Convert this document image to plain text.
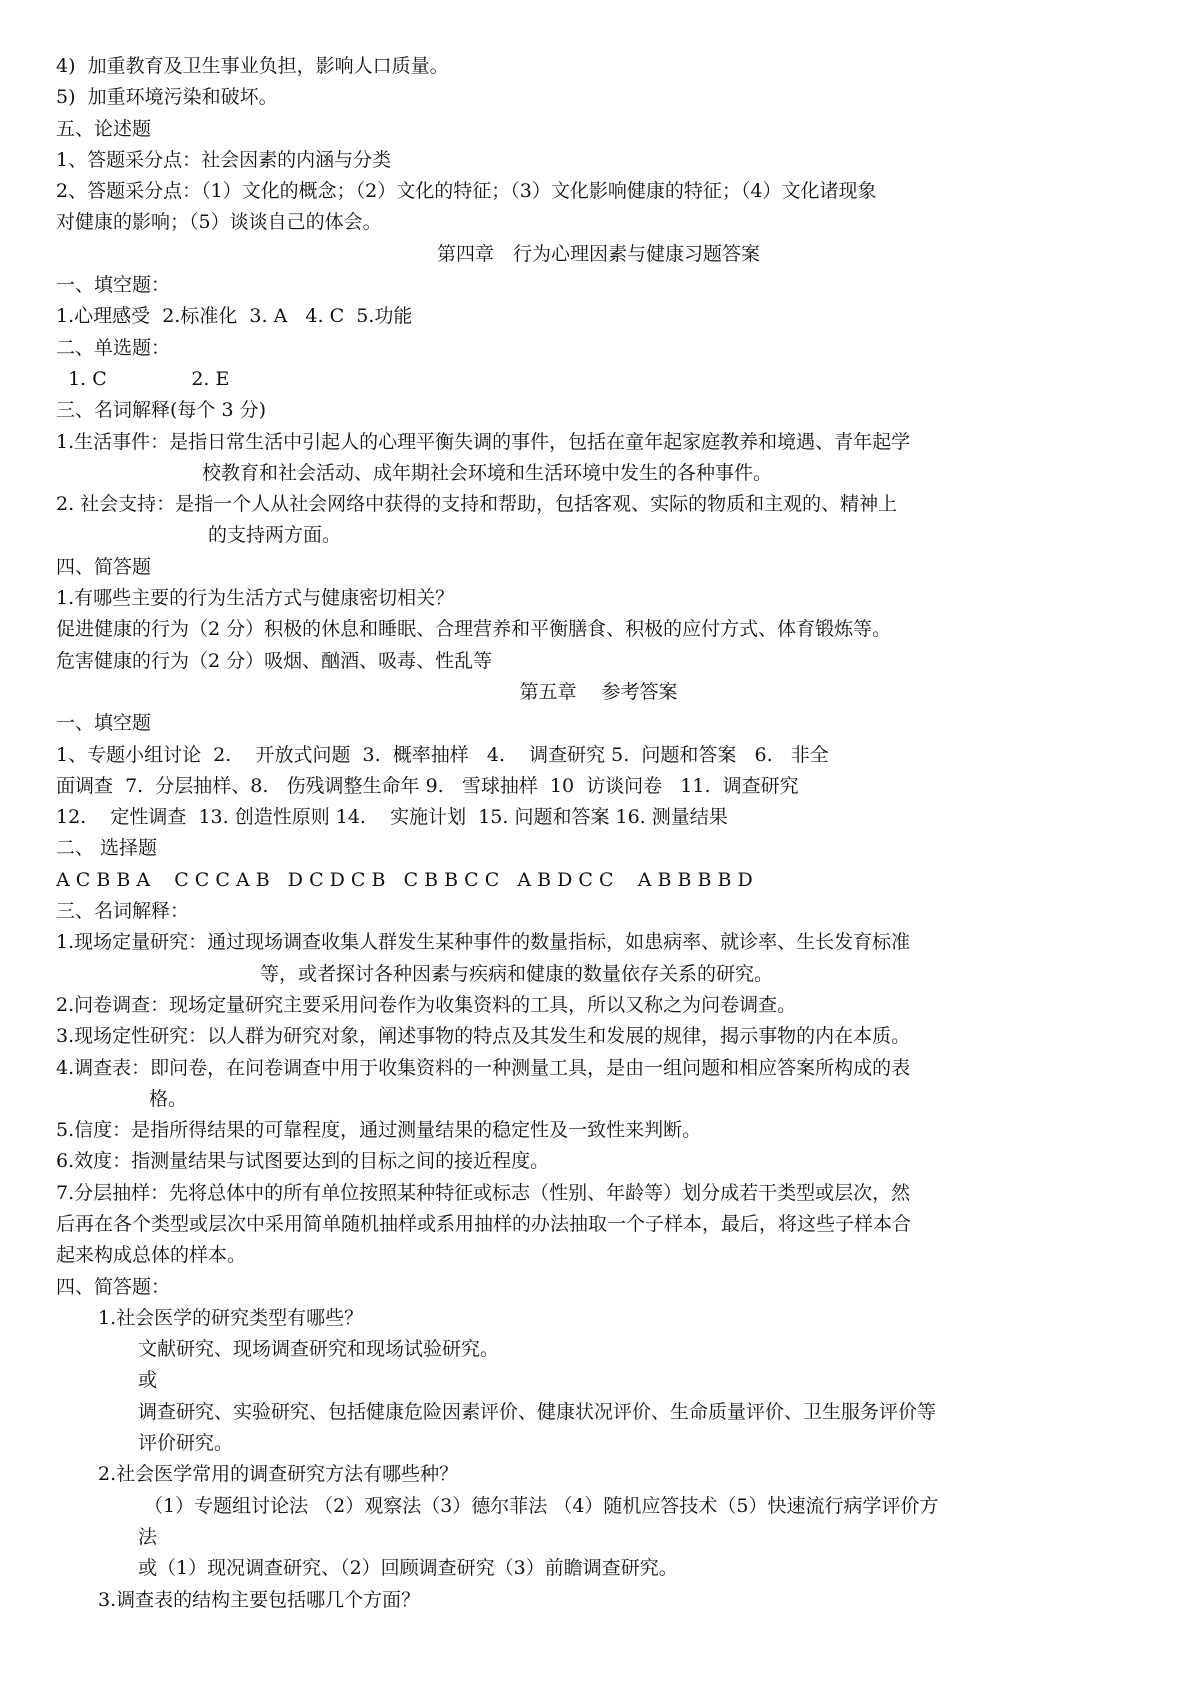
4)  加重教育及卫生事业负担，影响人口质量。
5)  加重环境污染和破坏。
五、论述题
1、答题采分点：社会因素的内涵与分类
2、答题采分点：（1）文化的概念；（2）文化的特征；（3）文化影响健康的特征；（4）文化诸现象
对健康的影响；（5）谈谈自己的体会。
第四章　行为心理因素与健康习题答案
一、填空题：
1.心理感受  2.标准化  3. A   4. C  5.功能
二、单选题：
1. C              2. E
三、名词解释(每个 3 分)
1.生活事件：是指日常生活中引起人的心理平衡失调的事件，包括在童年起家庭教养和境遇、青年起学
校教育和社会活动、成年期社会环境和生活环境中发生的各种事件。
2. 社会支持：是指一个人从社会网络中获得的支持和帮助，包括客观、实际的物质和主观的、精神上
的支持两方面。
四、简答题
1.有哪些主要的行为生活方式与健康密切相关？
促进健康的行为（2 分）积极的休息和睡眠、合理营养和平衡膳食、积极的应付方式、体育锻炼等。
危害健康的行为（2 分）吸烟、酗酒、吸毒、性乱等
第五章　 参考答案
一、填空题
1、专题小组讨论  2.    开放式问题  3.  概率抽样   4.    调查研究 5.  问题和答案   6.   非全
面调查  7.  分层抽样、8.   伤残调整生命年 9.   雪球抽样  10  访谈问卷   11.  调查研究
12.    定性调查  13. 创造性原则 14.    实施计划  15. 问题和答案 16. 测量结果
二、 选择题
A C B B A    C C C A B   D C D C B   C B B C C   A B D C C    A B B B B D
三、名词解释：
1.现场定量研究：通过现场调查收集人群发生某种事件的数量指标，如患病率、就诊率、生长发育标准
等，或者探讨各种因素与疾病和健康的数量依存关系的研究。
2.问卷调查：现场定量研究主要采用问卷作为收集资料的工具，所以又称之为问卷调查。
3.现场定性研究：以人群为研究对象，阐述事物的特点及其发生和发展的规律，揭示事物的内在本质。
4.调查表：即问卷，在问卷调查中用于收集资料的一种测量工具，是由一组问题和相应答案所构成的表
格。
5.信度：是指所得结果的可靠程度，通过测量结果的稳定性及一致性来判断。
6.效度：指测量结果与试图要达到的目标之间的接近程度。
7.分层抽样：先将总体中的所有单位按照某种特征或标志（性别、年龄等）划分成若干类型或层次，然
后再在各个类型或层次中采用简单随机抽样或系用抽样的办法抽取一个子样本，最后，将这些子样本合
起来构成总体的样本。
四、简答题：
1.社会医学的研究类型有哪些？
文献研究、现场调查研究和现场试验研究。
或
调查研究、实验研究、包括健康危险因素评价、健康状况评价、生命质量评价、卫生服务评价等
评价研究。
2.社会医学常用的调查研究方法有哪些种？
（1）专题组讨论法 （2）观察法（3）德尔菲法 （4）随机应答技术（5）快速流行病学评价方
法
或（1）现况调查研究、（2）回顾调查研究（3）前瞻调查研究。
3.调查表的结构主要包括哪几个方面？
